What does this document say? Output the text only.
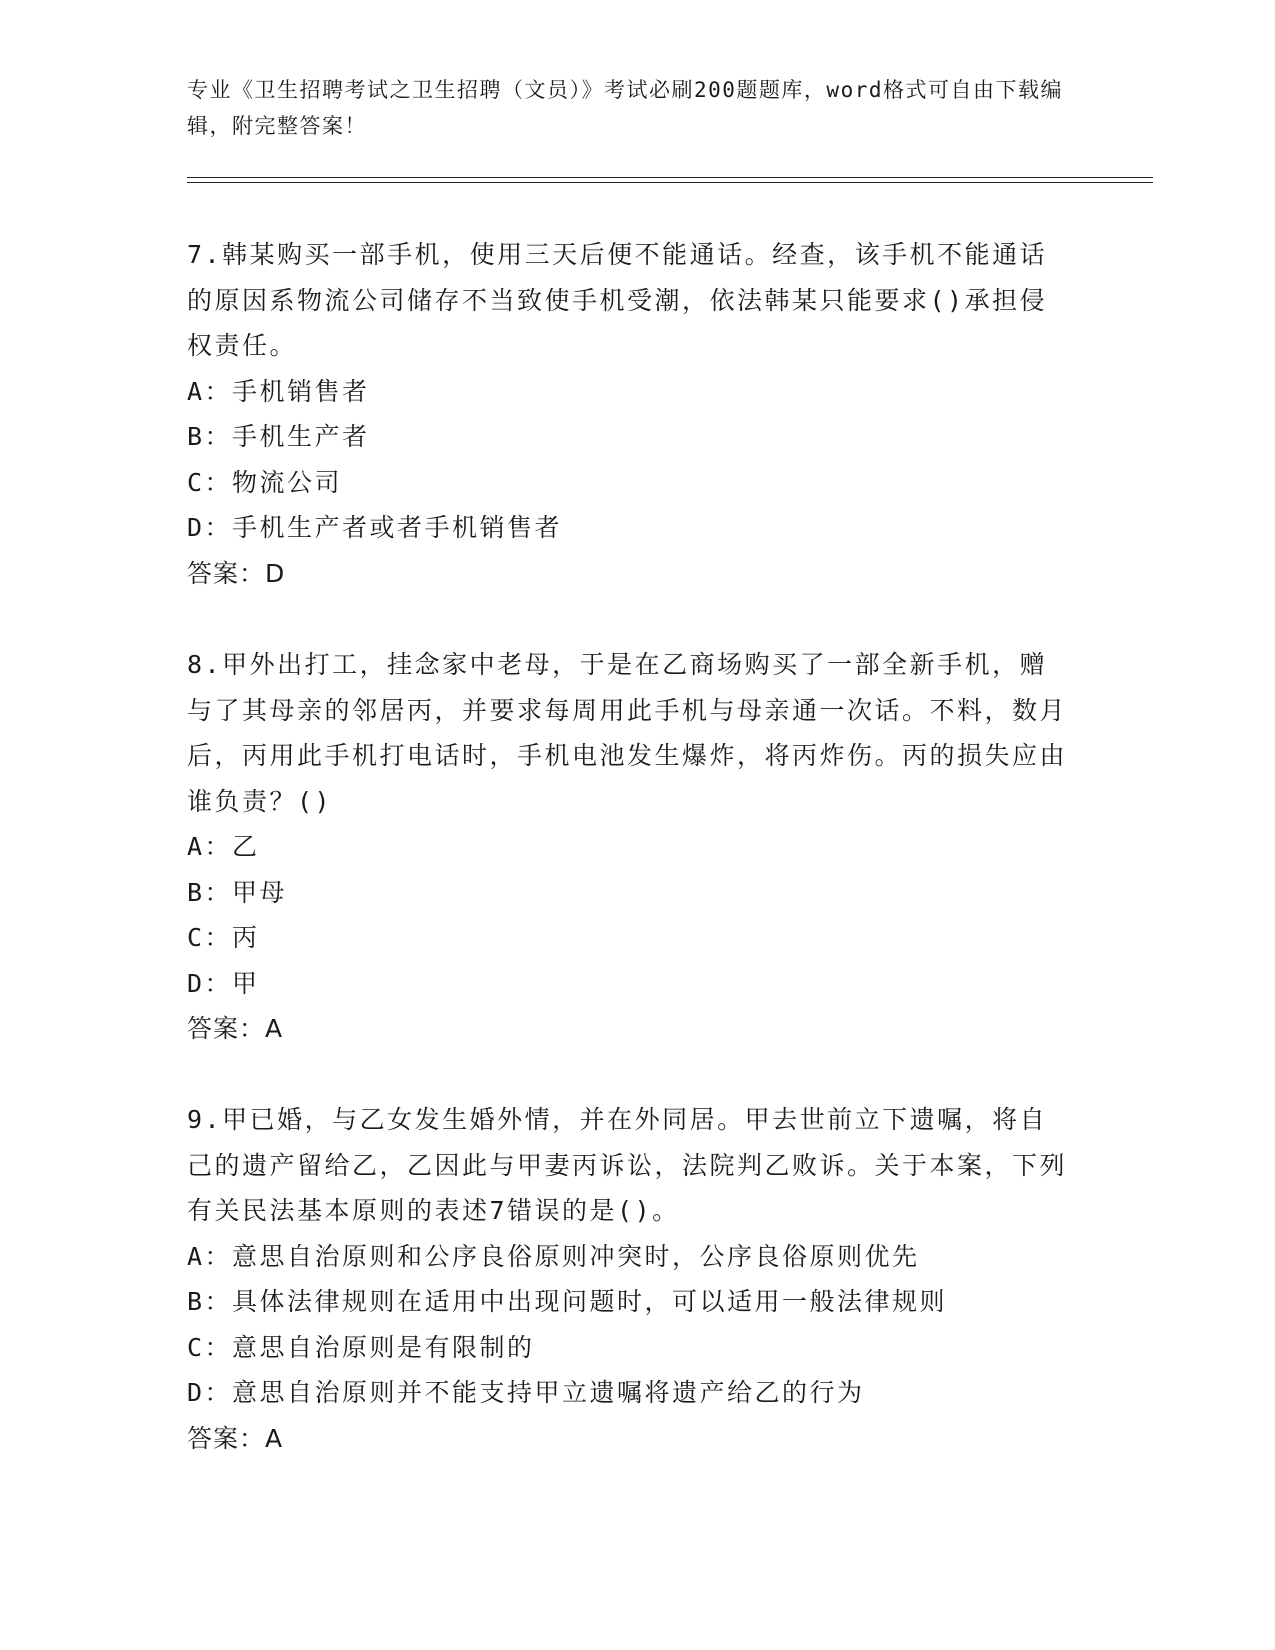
专业《卫生招聘考试之卫生招聘（文员）》考试必刷200题题库，word格式可自由下载编辑，附完整答案！
7.韩某购买一部手机，使用三天后便不能通话。经查，该手机不能通话的原因系物流公司储存不当致使手机受潮，依法韩某只能要求()承担侵权责任。
A：手机销售者
B：手机生产者
C：物流公司
D：手机生产者或者手机销售者
答案：D
8.甲外出打工，挂念家中老母，于是在乙商场购买了一部全新手机，赠与了其母亲的邻居丙，并要求每周用此手机与母亲通一次话。不料，数月后，丙用此手机打电话时，手机电池发生爆炸，将丙炸伤。丙的损失应由谁负责？()
A：乙
B：甲母
C：丙
D：甲
答案：A
9.甲已婚，与乙女发生婚外情，并在外同居。甲去世前立下遗嘱，将自己的遗产留给乙，乙因此与甲妻丙诉讼，法院判乙败诉。关于本案，下列有关民法基本原则的表述7错误的是()。
A：意思自治原则和公序良俗原则冲突时，公序良俗原则优先
B：具体法律规则在适用中出现问题时，可以适用一般法律规则
C：意思自治原则是有限制的
D：意思自治原则并不能支持甲立遗嘱将遗产给乙的行为
答案：A
